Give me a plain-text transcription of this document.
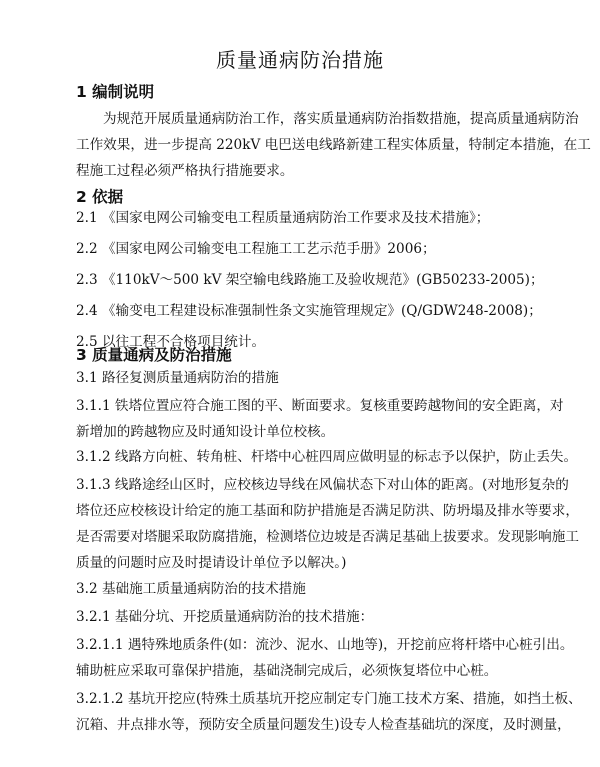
质量通病防治措施
1 编制说明
为规范开展质量通病防治工作，落实质量通病防治指数措施，提高质量通病防治
工作效果，进一步提高 220kV 电巴送电线路新建工程实体质量，特制定本措施，在工
程施工过程必须严格执行措施要求。
2 依据
2.1 《国家电网公司输变电工程质量通病防治工作要求及技术措施》；
2.2 《国家电网公司输变电工程施工工艺示范手册》2006；
2.3 《110kV～500 kV 架空输电线路施工及验收规范》(GB50233-2005)；
2.4 《输变电工程建设标准强制性条文实施管理规定》(Q/GDW248-2008)；
2.5 以往工程不合格项目统计。
3 质量通病及防治措施
3.1 路径复测质量通病防治的措施
3.1.1 铁塔位置应符合施工图的平、断面要求。复核重要跨越物间的安全距离，对
新增加的跨越物应及时通知设计单位校核。
3.1.2 线路方向桩、转角桩、杆塔中心桩四周应做明显的标志予以保护，防止丢失。
3.1.3 线路途经山区时，应校核边导线在风偏状态下对山体的距离。(对地形复杂的
塔位还应校核设计给定的施工基面和防护措施是否满足防洪、防坍塌及排水等要求，
是否需要对塔腿采取防腐措施，检测塔位边坡是否满足基础上拔要求。发现影响施工
质量的问题时应及时提请设计单位予以解决。)
3.2 基础施工质量通病防治的技术措施
3.2.1 基础分坑、开挖质量通病防治的技术措施：
3.2.1.1 遇特殊地质条件(如：流沙、泥水、山地等)，开挖前应将杆塔中心桩引出。
辅助桩应采取可靠保护措施，基础浇制完成后，必须恢复塔位中心桩。
3.2.1.2 基坑开挖应(特殊土质基坑开挖应制定专门施工技术方案、措施，如挡土板、
沉箱、井点排水等，预防安全质量问题发生)设专人检查基础坑的深度，及时测量，
